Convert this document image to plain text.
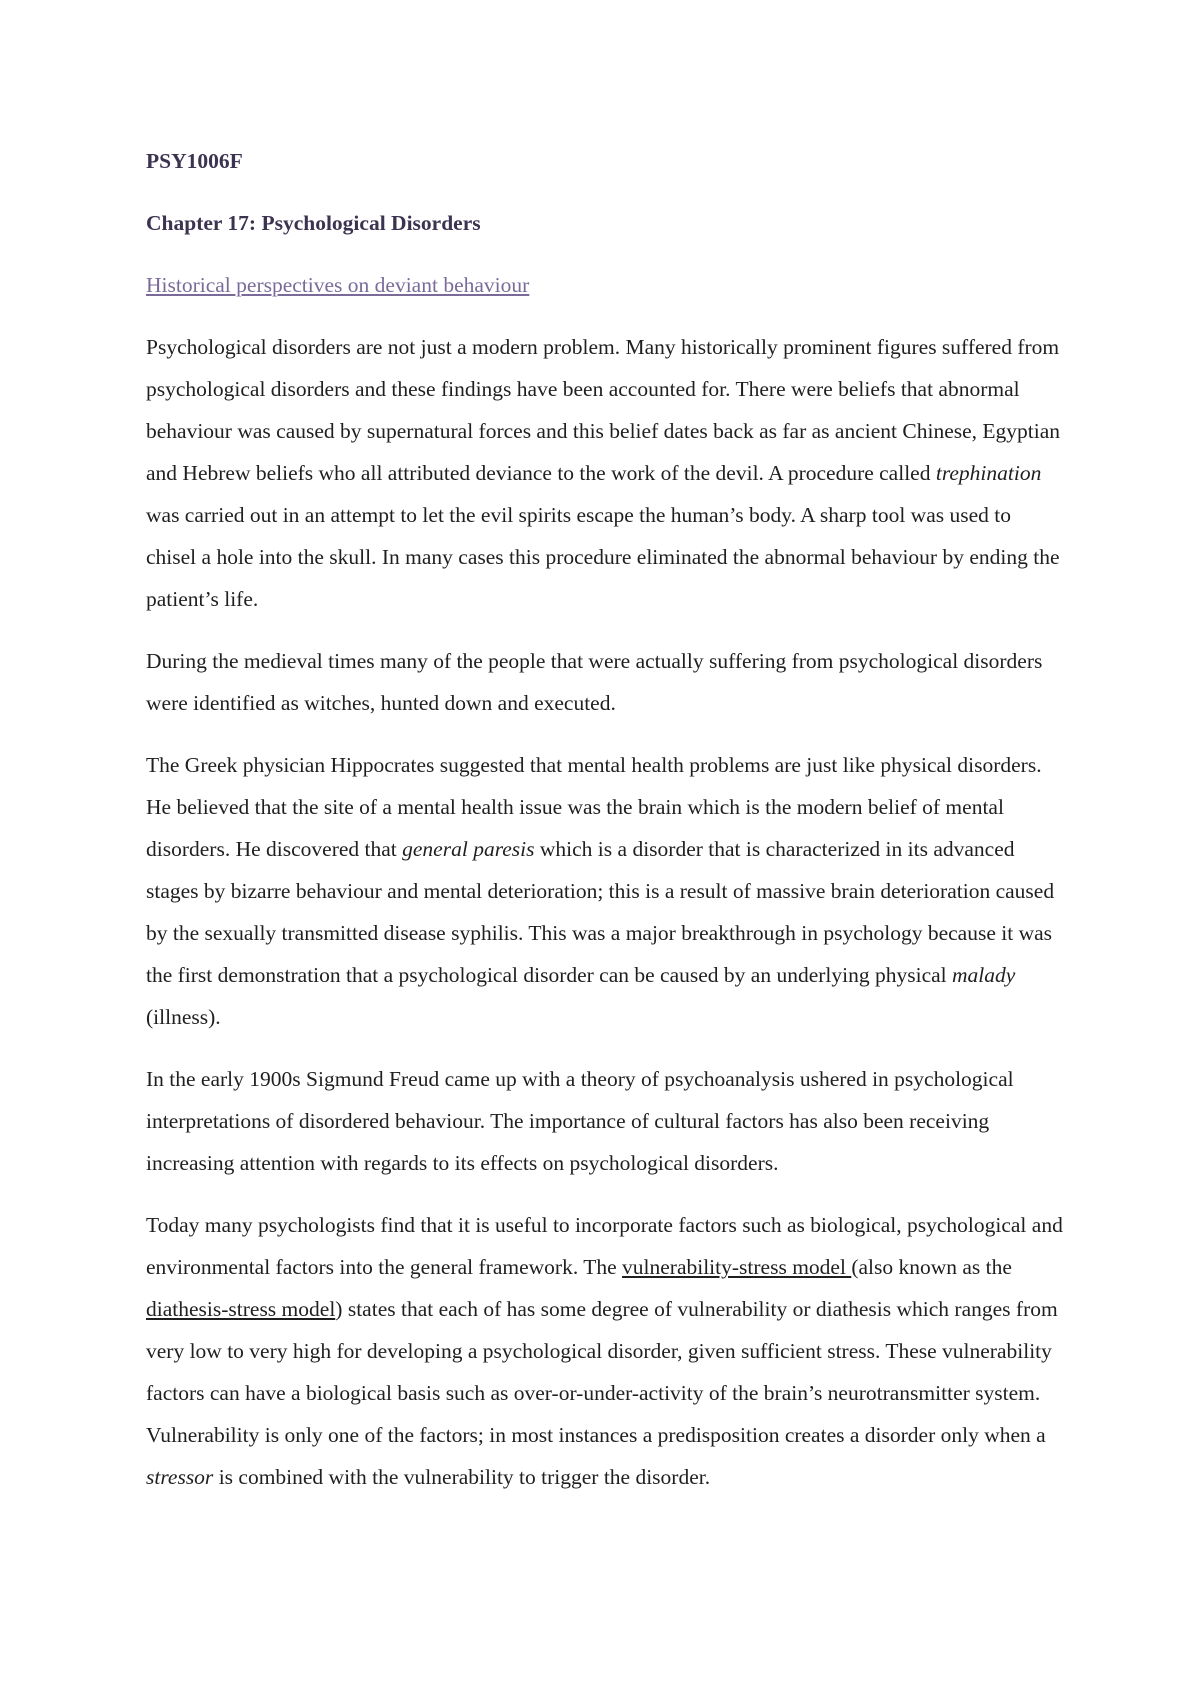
PSY1006F
Chapter 17: Psychological Disorders
Historical perspectives on deviant behaviour

Psychological disorders are not just a modern problem. Many historically prominent figures suffered from psychological disorders and these findings have been accounted for. There were beliefs that abnormal behaviour was caused by supernatural forces and this belief dates back as far as ancient Chinese, Egyptian and Hebrew beliefs who all attributed deviance to the work of the devil. A procedure called trephination was carried out in an attempt to let the evil spirits escape the human’s body. A sharp tool was used to chisel a hole into the skull. In many cases this procedure eliminated the abnormal behaviour by ending the patient’s life.

During the medieval times many of the people that were actually suffering from psychological disorders were identified as witches, hunted down and executed.

The Greek physician Hippocrates suggested that mental health problems are just like physical disorders. He believed that the site of a mental health issue was the brain which is the modern belief of mental disorders. He discovered that general paresis which is a disorder that is characterized in its advanced stages by bizarre behaviour and mental deterioration; this is a result of massive brain deterioration caused by the sexually transmitted disease syphilis. This was a major breakthrough in psychology because it was the first demonstration that a psychological disorder can be caused by an underlying physical malady (illness).

In the early 1900s Sigmund Freud came up with a theory of psychoanalysis ushered in psychological interpretations of disordered behaviour. The importance of cultural factors has also been receiving increasing attention with regards to its effects on psychological disorders.

Today many psychologists find that it is useful to incorporate factors such as biological, psychological and environmental factors into the general framework. The vulnerability-stress model (also known as the diathesis-stress model) states that each of has some degree of vulnerability or diathesis which ranges from very low to very high for developing a psychological disorder, given sufficient stress. These vulnerability factors can have a biological basis such as over-or-under-activity of the brain’s neurotransmitter system. Vulnerability is only one of the factors; in most instances a predisposition creates a disorder only when a stressor is combined with the vulnerability to trigger the disorder.
